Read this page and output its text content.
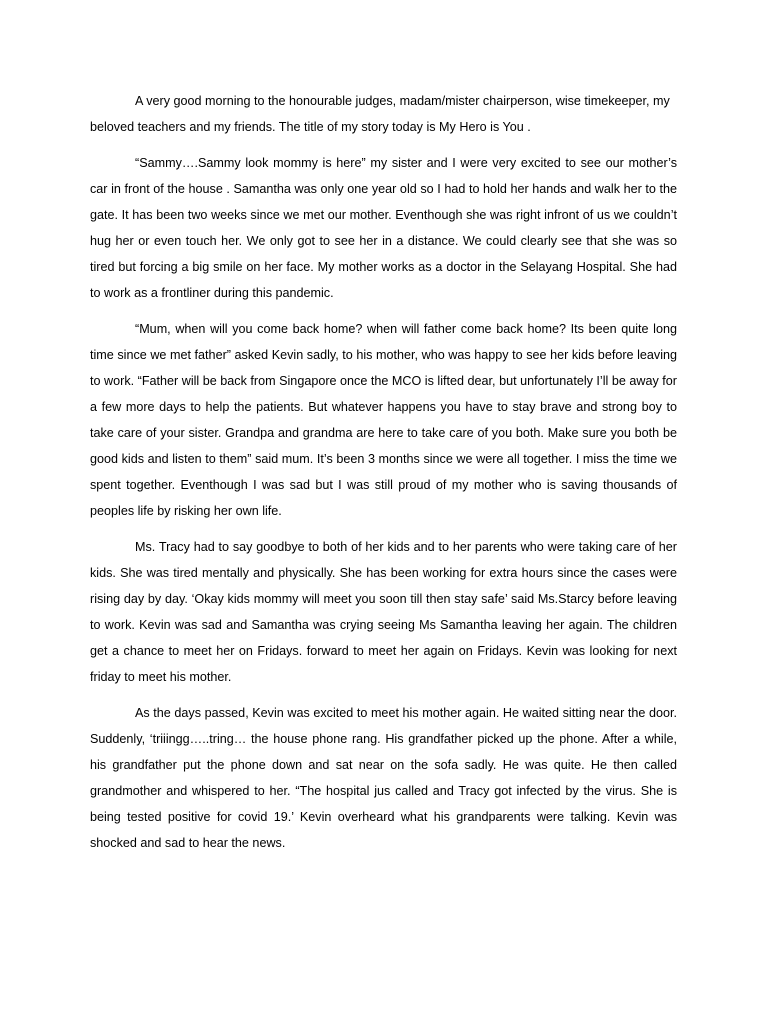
A very good morning to the honourable judges, madam/mister chairperson, wise timekeeper, my beloved teachers and my friends. The title of my story today is My Hero is You .

“Sammy….Sammy look mommy is here” my sister and I were very excited to see our mother’s car in front of the house . Samantha was only one year old so I had to hold her hands and walk her to the gate. It has been two weeks since we met our mother. Eventhough she was right infront of us we couldn’t hug her or even touch her. We only got to see her in a distance. We could clearly see that she was so tired but forcing a big smile on her face. My mother works as a doctor in the Selayang Hospital. She had to work as a frontliner during this pandemic.

“Mum, when will you come back home? when will father come back home? Its been quite long time since we met father” asked Kevin sadly, to his mother, who was happy to see her kids before leaving to work. “Father will be back from Singapore once the MCO is lifted dear, but unfortunately I’ll be away for a few more days to help the patients. But whatever happens you have to stay brave and strong boy to take care of your sister. Grandpa and grandma are here to take care of you both. Make sure you both be good kids and listen to them” said mum. It’s been 3 months since we were all together. I miss the time we spent together. Eventhough I was sad but I was still proud of my mother who is saving thousands of peoples life by risking her own life.

Ms. Tracy had to say goodbye to both of her kids and to her parents who were taking care of her kids. She was tired mentally and physically. She has been working for extra hours since the cases were rising day by day. ‘Okay kids mommy will meet you soon till then stay safe’ said Ms.Starcy before leaving to work. Kevin was sad and Samantha was crying seeing Ms Samantha leaving her again. The children get a chance to meet her on Fridays. forward to meet her again on Fridays. Kevin was looking for next friday to meet his mother.

As the days passed, Kevin was excited to meet his mother again. He waited sitting near the door. Suddenly, ‘triiingg…..tring… the house phone rang. His grandfather picked up the phone. After a while, his grandfather put the phone down and sat near on the sofa sadly. He was quite. He then called grandmother and whispered to her. “The hospital jus called and Tracy got infected by the virus. She is being tested positive for covid 19.’ Kevin overheard what his grandparents were talking. Kevin was shocked and sad to hear the news.
